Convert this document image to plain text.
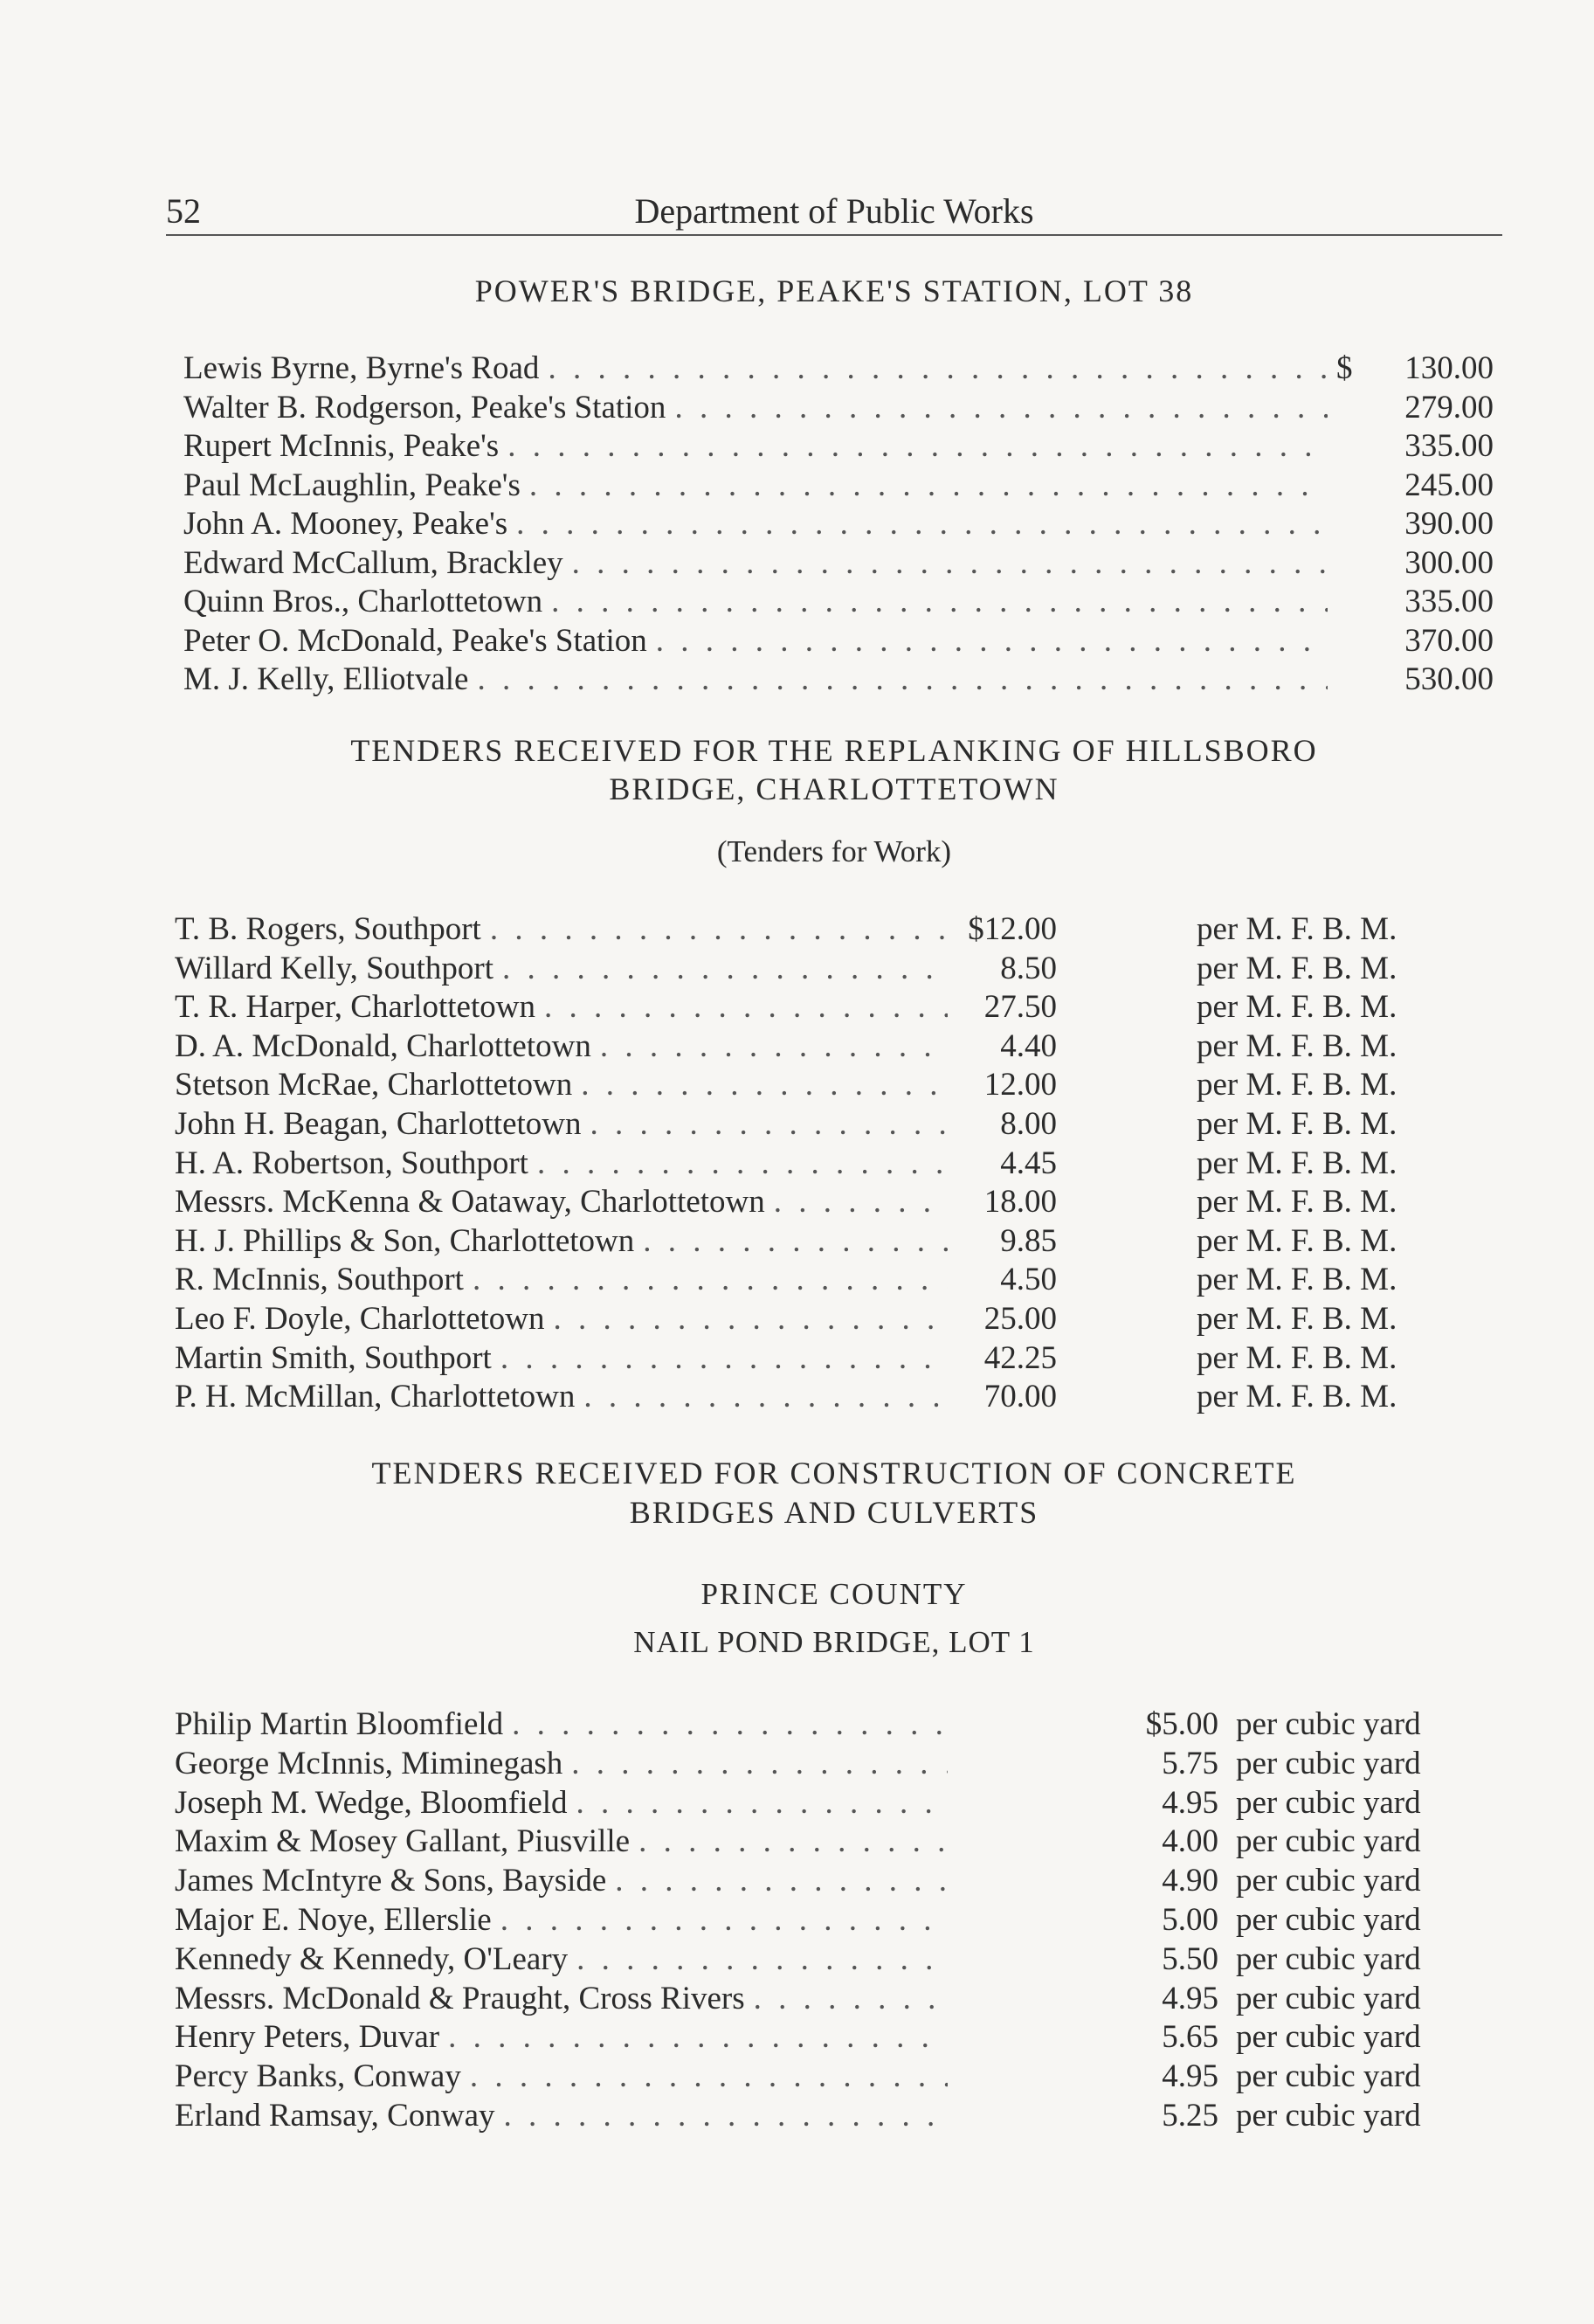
52	Department of Public Works
POWER'S BRIDGE, PEAKE'S STATION, LOT 38
Lewis Byrne, Byrne's Road . . .	$	130.00
Walter B. Rodgerson, Peake's Station . . .	279.00
Rupert McInnis, Peake's . . .	335.00
Paul McLaughlin, Peake's . . .	245.00
John A. Mooney, Peake's . . .	390.00
Edward McCallum, Brackley . . .	300.00
Quinn Bros., Charlottetown . . .	335.00
Peter O. McDonald, Peake's Station . . .	370.00
M. J. Kelly, Elliotvale . . .	530.00
TENDERS RECEIVED FOR THE REPLANKING OF HILLSBORO
BRIDGE, CHARLOTTETOWN
(Tenders for Work)
T. B. Rogers, Southport . . .	$12.00	per M. F. B. M.
Willard Kelly, Southport . . .	8.50	per M. F. B. M.
T. R. Harper, Charlottetown . . .	27.50	per M. F. B. M.
D. A. McDonald, Charlottetown . . .	4.40	per M. F. B. M.
Stetson McRae, Charlottetown . . .	12.00	per M. F. B. M.
John H. Beagan, Charlottetown . . .	8.00	per M. F. B. M.
H. A. Robertson, Southport . . .	4.45	per M. F. B. M.
Messrs. McKenna & Oataway, Charlottetown . . .	18.00	per M. F. B. M.
H. J. Phillips & Son, Charlottetown . . .	9.85	per M. F. B. M.
R. McInnis, Southport . . .	4.50	per M. F. B. M.
Leo F. Doyle, Charlottetown . . .	25.00	per M. F. B. M.
Martin Smith, Southport . . .	42.25	per M. F. B. M.
P. H. McMillan, Charlottetown . . .	70.00	per M. F. B. M.
TENDERS RECEIVED FOR CONSTRUCTION OF CONCRETE
BRIDGES AND CULVERTS
PRINCE COUNTY
NAIL POND BRIDGE, LOT 1
Philip Martin Bloomfield . . .	$5.00 per cubic yard
George McInnis, Miminegash . . .	5.75 per cubic yard
Joseph M. Wedge, Bloomfield . . .	4.95 per cubic yard
Maxim & Mosey Gallant, Piusville . . .	4.00 per cubic yard
James McIntyre & Sons, Bayside . . .	4.90 per cubic yard
Major E. Noye, Ellerslie . . .	5.00 per cubic yard
Kennedy & Kennedy, O'Leary . . .	5.50 per cubic yard
Messrs. McDonald & Praught, Cross Rivers . . .	4.95 per cubic yard
Henry Peters, Duvar . . .	5.65 per cubic yard
Percy Banks, Conway . . .	4.95 per cubic yard
Erland Ramsay, Conway . . .	5.25 per cubic yard
